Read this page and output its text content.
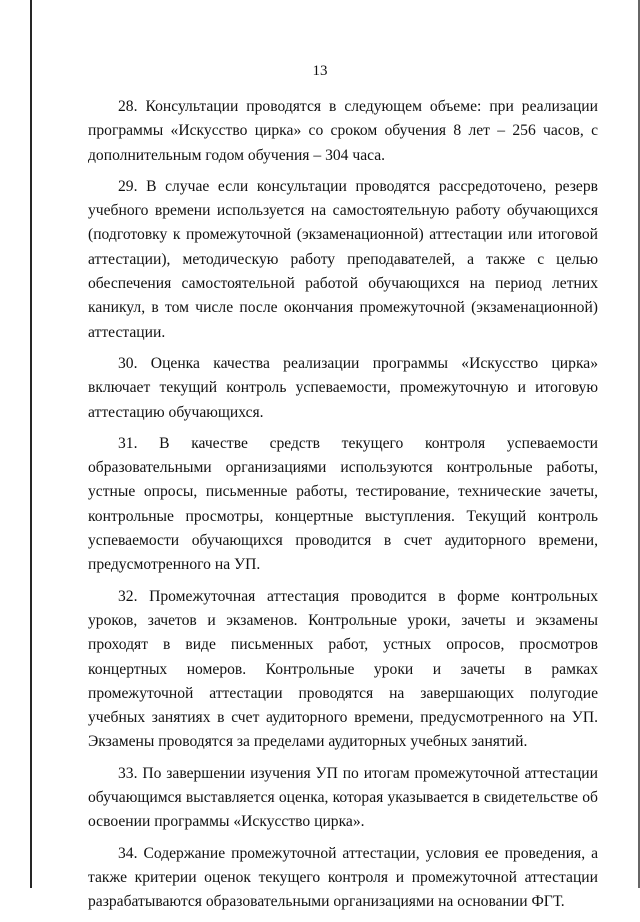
13

28. Консультации проводятся в следующем объеме: при реализации программы «Искусство цирка» со сроком обучения 8 лет – 256 часов, с дополнительным годом обучения – 304 часа.

29. В случае если консультации проводятся рассредоточено, резерв учебного времени используется на самостоятельную работу обучающихся (подготовку к промежуточной (экзаменационной) аттестации или итоговой аттестации), методическую работу преподавателей, а также с целью обеспечения самостоятельной работой обучающихся на период летних каникул, в том числе после окончания промежуточной (экзаменационной) аттестации.

30. Оценка качества реализации программы «Искусство цирка» включает текущий контроль успеваемости, промежуточную и итоговую аттестацию обучающихся.

31. В качестве средств текущего контроля успеваемости образовательными организациями используются контрольные работы, устные опросы, письменные работы, тестирование, технические зачеты, контрольные просмотры, концертные выступления. Текущий контроль успеваемости обучающихся проводится в счет аудиторного времени, предусмотренного на УП.

32. Промежуточная аттестация проводится в форме контрольных уроков, зачетов и экзаменов. Контрольные уроки, зачеты и экзамены проходят в виде письменных работ, устных опросов, просмотров концертных номеров. Контрольные уроки и зачеты в рамках промежуточной аттестации проводятся на завершающих полугодие учебных занятиях в счет аудиторного времени, предусмотренного на УП. Экзамены проводятся за пределами аудиторных учебных занятий.

33. По завершении изучения УП по итогам промежуточной аттестации обучающимся выставляется оценка, которая указывается в свидетельстве об освоении программы «Искусство цирка».

34. Содержание промежуточной аттестации, условия ее проведения, а также критерии оценок текущего контроля и промежуточной аттестации разрабатываются образовательными организациями на основании ФГТ.
